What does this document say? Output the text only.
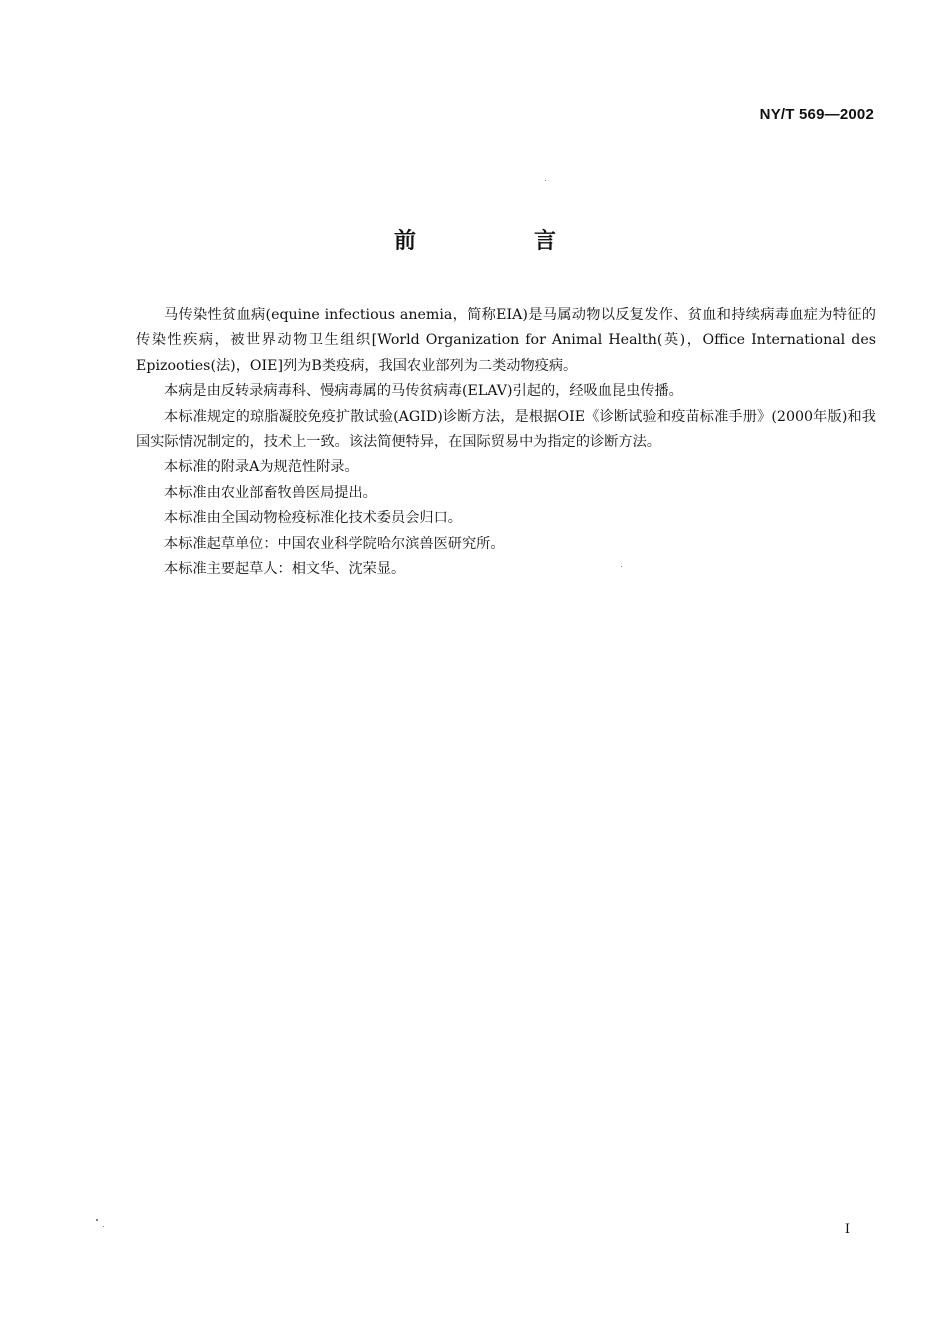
NY/T 569—2002
前　言

马传染性贫血病(equine infectious anemia，简称EIA)是马属动物以反复发作、贫血和持续病毒血症为特征的传染性疾病，被世界动物卫生组织[World Organization for Animal Health(英)，Office International des Epizooties(法)，OIE]列为B类疫病，我国农业部列为二类动物疫病。

本病是由反转录病毒科、慢病毒属的马传贫病毒(ELAV)引起的，经吸血昆虫传播。

本标准规定的琼脂凝胶免疫扩散试验(AGID)诊断方法，是根据OIE《诊断试验和疫苗标准手册》(2000年版)和我国实际情况制定的，技术上一致。该法简便特异，在国际贸易中为指定的诊断方法。

本标准的附录A为规范性附录。

本标准由农业部畜牧兽医局提出。

本标准由全国动物检疫标准化技术委员会归口。

本标准起草单位：中国农业科学院哈尔滨兽医研究所。

本标准主要起草人：相文华、沈荣显。

I
